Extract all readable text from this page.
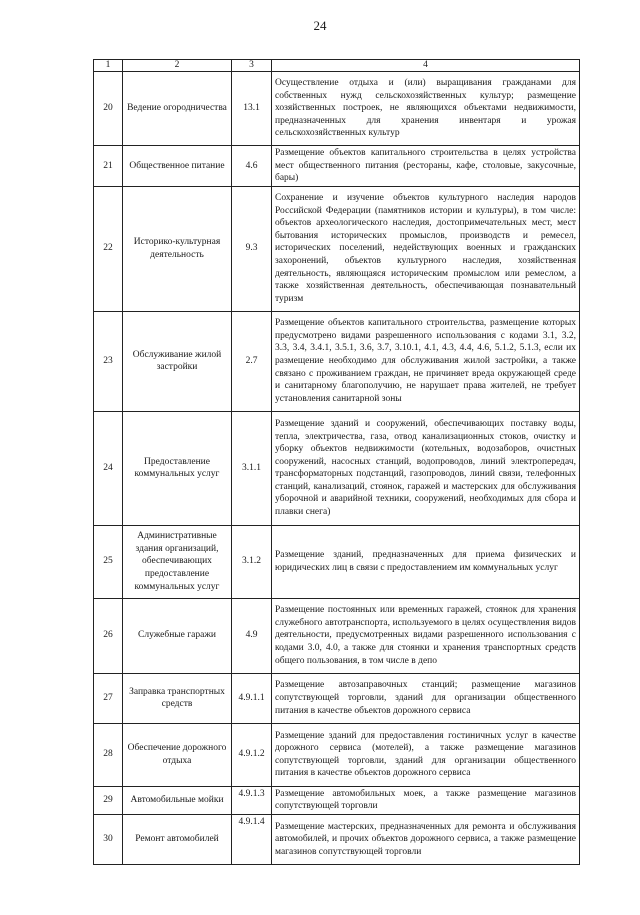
24
1	2	3	4
20	Ведение огородничества	13.1	Осуществление отдыха и (или) выращивания гражданами для собственных нужд сельскохозяйственных культур; размещение хозяйственных построек, не являющихся объектами недвижимости, предназначенных для хранения инвентаря и урожая сельскохозяйственных культур
21	Общественное питание	4.6	Размещение объектов капитального строительства в целях устройства мест общественного питания (рестораны, кафе, столовые, закусочные, бары)
22	Историко-культурная деятельность	9.3	Сохранение и изучение объектов культурного наследия народов Российской Федерации (памятников истории и культуры), в том числе: объектов археологического наследия, достопримечательных мест, мест бытования исторических промыслов, производств и ремесел, исторических поселений, недействующих военных и гражданских захоронений, объектов культурного наследия, хозяйственная деятельность, являющаяся историческим промыслом или ремеслом, а также хозяйственная деятельность, обеспечивающая познавательный туризм
23	Обслуживание жилой застройки	2.7	Размещение объектов капитального строительства, размещение которых предусмотрено видами разрешенного использования с кодами 3.1, 3.2, 3.3, 3.4, 3.4.1, 3.5.1, 3.6, 3.7, 3.10.1, 4.1, 4.3, 4.4, 4.6, 5.1.2, 5.1.3, если их размещение необходимо для обслуживания жилой застройки, а также связано с проживанием граждан, не причиняет вреда окружающей среде и санитарному благополучию, не нарушает права жителей, не требует установления санитарной зоны
24	Предоставление коммунальных услуг	3.1.1	Размещение зданий и сооружений, обеспечивающих поставку воды, тепла, электричества, газа, отвод канализационных стоков, очистку и уборку объектов недвижимости (котельных, водозаборов, очистных сооружений, насосных станций, водопроводов, линий электропередач, трансформаторных подстанций, газопроводов, линий связи, телефонных станций, канализаций, стоянок, гаражей и мастерских для обслуживания уборочной и аварийной техники, сооружений, необходимых для сбора и плавки снега)
25	Административные здания организаций, обеспечивающих предоставление коммунальных услуг	3.1.2	Размещение зданий, предназначенных для приема физических и юридических лиц в связи с предоставлением им коммунальных услуг
26	Служебные гаражи	4.9	Размещение постоянных или временных гаражей, стоянок для хранения служебного автотранспорта, используемого в целях осуществления видов деятельности, предусмотренных видами разрешенного использования с кодами 3.0, 4.0, а также для стоянки и хранения транспортных средств общего пользования, в том числе в депо
27	Заправка транспортных средств	4.9.1.1	Размещение автозаправочных станций; размещение магазинов сопутствующей торговли, зданий для организации общественного питания в качестве объектов дорожного сервиса
28	Обеспечение дорожного отдыха	4.9.1.2	Размещение зданий для предоставления гостиничных услуг в качестве дорожного сервиса (мотелей), а также размещение магазинов сопутствующей торговли, зданий для организации общественного питания в качестве объектов дорожного сервиса
29	Автомобильные мойки	4.9.1.3	Размещение автомобильных моек, а также размещение магазинов сопутствующей торговли
30	Ремонт автомобилей	4.9.1.4	Размещение мастерских, предназначенных для ремонта и обслуживания автомобилей, и прочих объектов дорожного сервиса, а также размещение магазинов сопутствующей торговли
